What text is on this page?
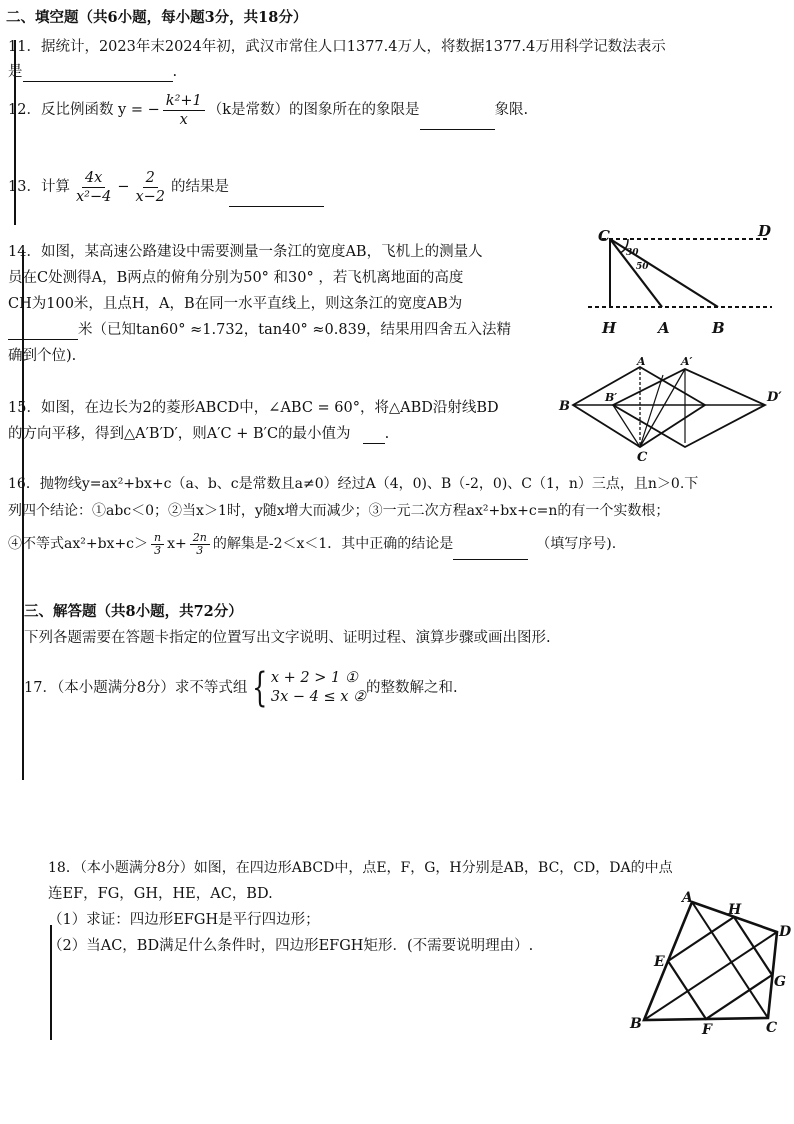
二、填空题（共6小题，每小题3分，共18分）
11．据统计，2023年末2024年初，武汉市常住人口1377.4万人，将数据1377.4万用科学记数法表示
是	.
12．反比例函数 y = − $\frac{\text{k²+1}}{x} (k$是常数）的图象所在的象限是	象限.
13．计算 $\frac{4x}{\text{x²−4}} - \frac{2}{x-2}$ 的结果是
14．如图，某高速公路建设中需要测量一条江的宽度AB，飞机上的测量人
员在C处测得A，B两点的俯角分别为50° 和30° ，若飞机离地面的高度
CH为100米，且点H，A，B在同一水平直线上，则这条江的宽度AB为
米（已知tan60° ≈1.732，tan40° ≈0.839，结果用四舍五入法精
确到个位).
C	D
H	A	B
30
50
15．如图，在边长为2的菱形ABCD中，∠ABC = 60°，将△ABD沿射线BD
的方向平移，得到△A′B′D′，则A′C + B′C的最小值为 .
A	A′
B
B′	D′
C
16．抛物线y=ax²+bx+c（a、b、c是常数且a≠0）经过A（4，0)、B（-2，0)、C（1，n）三点，且n＞0.下
列四个结论：①abc＜0；②当x＞1时，y随x增大而减少；③一元二次方程ax²+bx+c=n的有一个实数根；
④不等式$ax^2+bx+c> \frac{n}{3} x+ \frac{2n}{3}$ 的解集是-2＜x＜1．其中正确的结论是	（填写序号).
三、解答题（共8小题，共72分）
下列各题需要在答题卡指定的位置写出文字说明、证明过程、演算步骤或画出图形.
17．（本小题满分8分）求不等式组 { x + 2 > 1 ①
3x − 4 ≤ x ②
的整数解之和.
18．（本小题满分8分）如图，在四边形ABCD中，点E，F，G，H分别是AB，BC，CD，DA的中点
连EF，FG，GH，HE，AC，BD.
（1）求证：四边形EFGH是平行四边形；
（2）当AC，BD满足什么条件时，四边形EFGH矩形．(不需要说明理由）.
A
H
D
E
G
B	F	C
